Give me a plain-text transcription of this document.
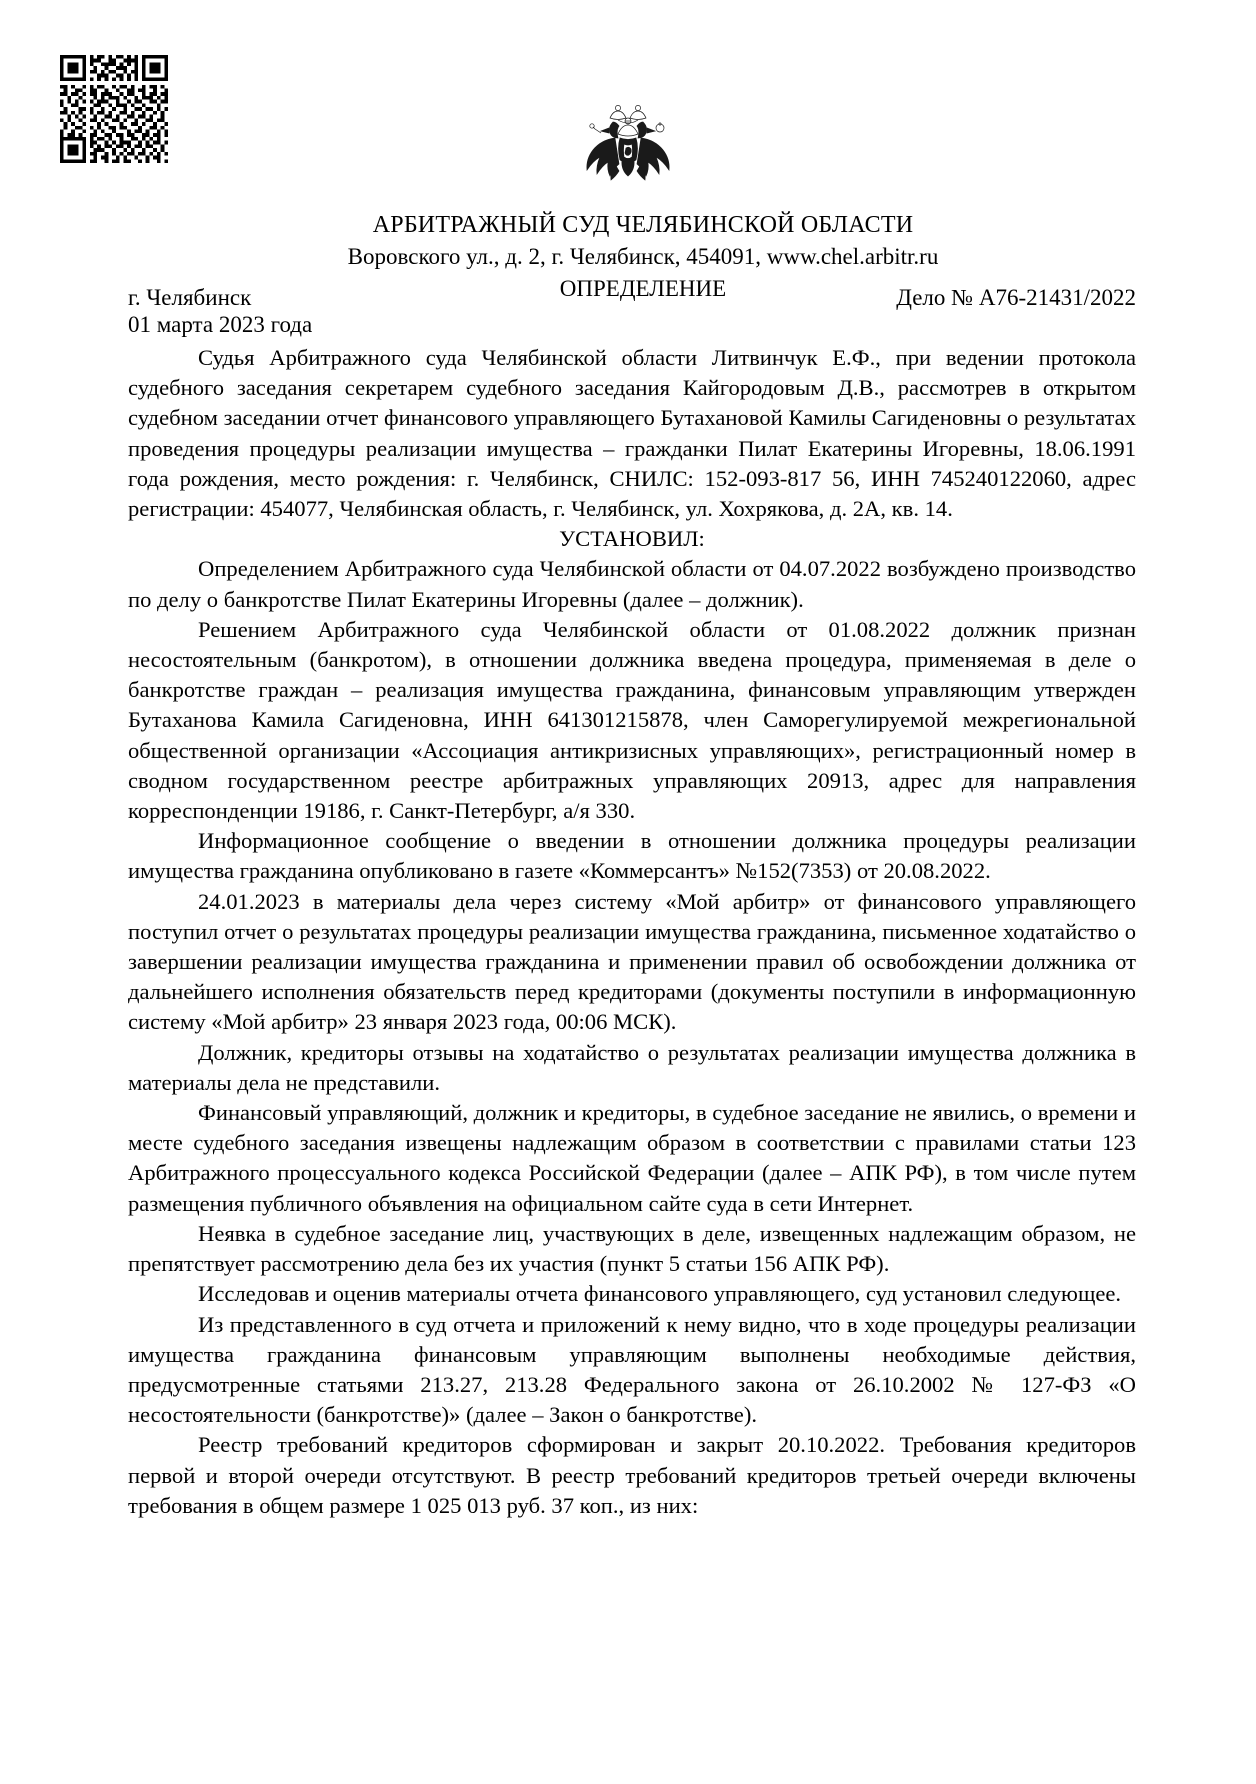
АРБИТРАЖНЫЙ СУД ЧЕЛЯБИНСКОЙ ОБЛАСТИ
Воровского ул., д. 2, г. Челябинск, 454091, www.chel.arbitr.ru
ОПРЕДЕЛЕНИЕ
г. Челябинск	Дело № А76-21431/2022
01 марта 2023 года

Судья Арбитражного суда Челябинской области Литвинчук Е.Ф., при ведении протокола судебного заседания секретарем судебного заседания Кайгородовым Д.В., рассмотрев в открытом судебном заседании отчет финансового управляющего Бутахановой Камилы Сагиденовны о результатах проведения процедуры реализации имущества – гражданки Пилат Екатерины Игоревны, 18.06.1991 года рождения, место рождения: г. Челябинск, СНИЛС: 152-093-817 56, ИНН 745240122060, адрес регистрации: 454077, Челябинская область, г. Челябинск, ул. Хохрякова, д. 2А, кв. 14.

УСТАНОВИЛ:

Определением Арбитражного суда Челябинской области от 04.07.2022 возбуждено производство по делу о банкротстве Пилат Екатерины Игоревны (далее – должник).

Решением Арбитражного суда Челябинской области от 01.08.2022 должник признан несостоятельным (банкротом), в отношении должника введена процедура, применяемая в деле о банкротстве граждан – реализация имущества гражданина, финансовым управляющим утвержден Бутаханова Камила Сагиденовна, ИНН 641301215878, член Саморегулируемой межрегиональной общественной организации «Ассоциация антикризисных управляющих», регистрационный номер в сводном государственном реестре арбитражных управляющих 20913, адрес для направления корреспонденции 19186, г. Санкт-Петербург, а/я 330.

Информационное сообщение о введении в отношении должника процедуры реализации имущества гражданина опубликовано в газете «Коммерсантъ» №152(7353) от 20.08.2022.

24.01.2023 в материалы дела через систему «Мой арбитр» от финансового управляющего поступил отчет о результатах процедуры реализации имущества гражданина, письменное ходатайство о завершении реализации имущества гражданина и применении правил об освобождении должника от дальнейшего исполнения обязательств перед кредиторами (документы поступили в информационную систему «Мой арбитр» 23 января 2023 года, 00:06 МСК).

Должник, кредиторы отзывы на ходатайство о результатах реализации имущества должника в материалы дела не представили.

Финансовый управляющий, должник и кредиторы, в судебное заседание не явились, о времени и месте судебного заседания извещены надлежащим образом в соответствии с правилами статьи 123 Арбитражного процессуального кодекса Российской Федерации (далее – АПК РФ), в том числе путем размещения публичного объявления на официальном сайте суда в сети Интернет.

Неявка в судебное заседание лиц, участвующих в деле, извещенных надлежащим образом, не препятствует рассмотрению дела без их участия (пункт 5 статьи 156 АПК РФ).

Исследовав и оценив материалы отчета финансового управляющего, суд установил следующее.

Из представленного в суд отчета и приложений к нему видно, что в ходе процедуры реализации имущества гражданина финансовым управляющим выполнены необходимые действия, предусмотренные статьями 213.27, 213.28 Федерального закона от 26.10.2002 № 127-ФЗ «О несостоятельности (банкротстве)» (далее – Закон о банкротстве).

Реестр требований кредиторов сформирован и закрыт 20.10.2022. Требования кредиторов первой и второй очереди отсутствуют. В реестр требований кредиторов третьей очереди включены требования в общем размере 1 025 013 руб. 37 коп., из них:
